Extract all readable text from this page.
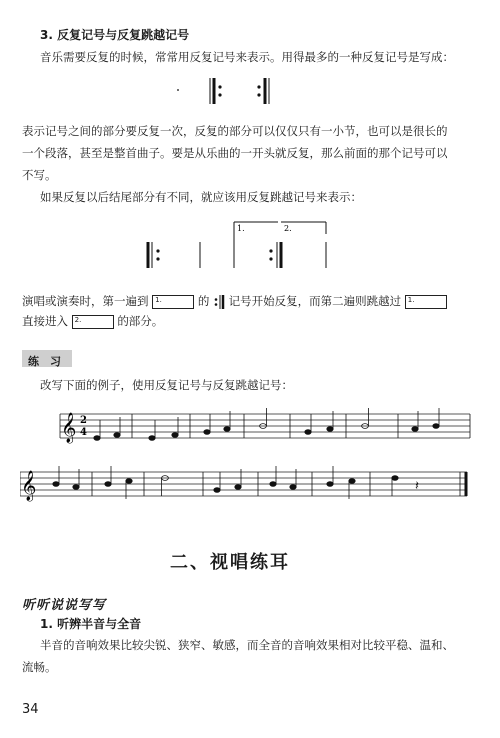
3. 反复记号与反复跳越记号
音乐需要反复的时候，常常用反复记号来表示。用得最多的一种反复记号是写成：
表示记号之间的部分要反复一次，反复的部分可以仅仅只有一小节，也可以是很长的
一个段落，甚至是整首曲子。要是从乐曲的一开头就反复，那么前面的那个记号可以
不写。
如果反复以后结尾部分有不同，就应该用反复跳越记号来表示：
1.	2.
演唱或演奏时，第一遍到 1.	的 记号开始反复，而第二遍则跳越过 1.
直接进入 2.	的部分。
练　习
改写下面的例子，使用反复记号与反复跳越记号：
𝄞 2
4
𝄞	𝄽
二、视唱练耳
听听说说写写
1. 听辨半音与全音
半音的音响效果比较尖锐、狭窄、敏感，而全音的音响效果相对比较平稳、温和、
流畅。
34
